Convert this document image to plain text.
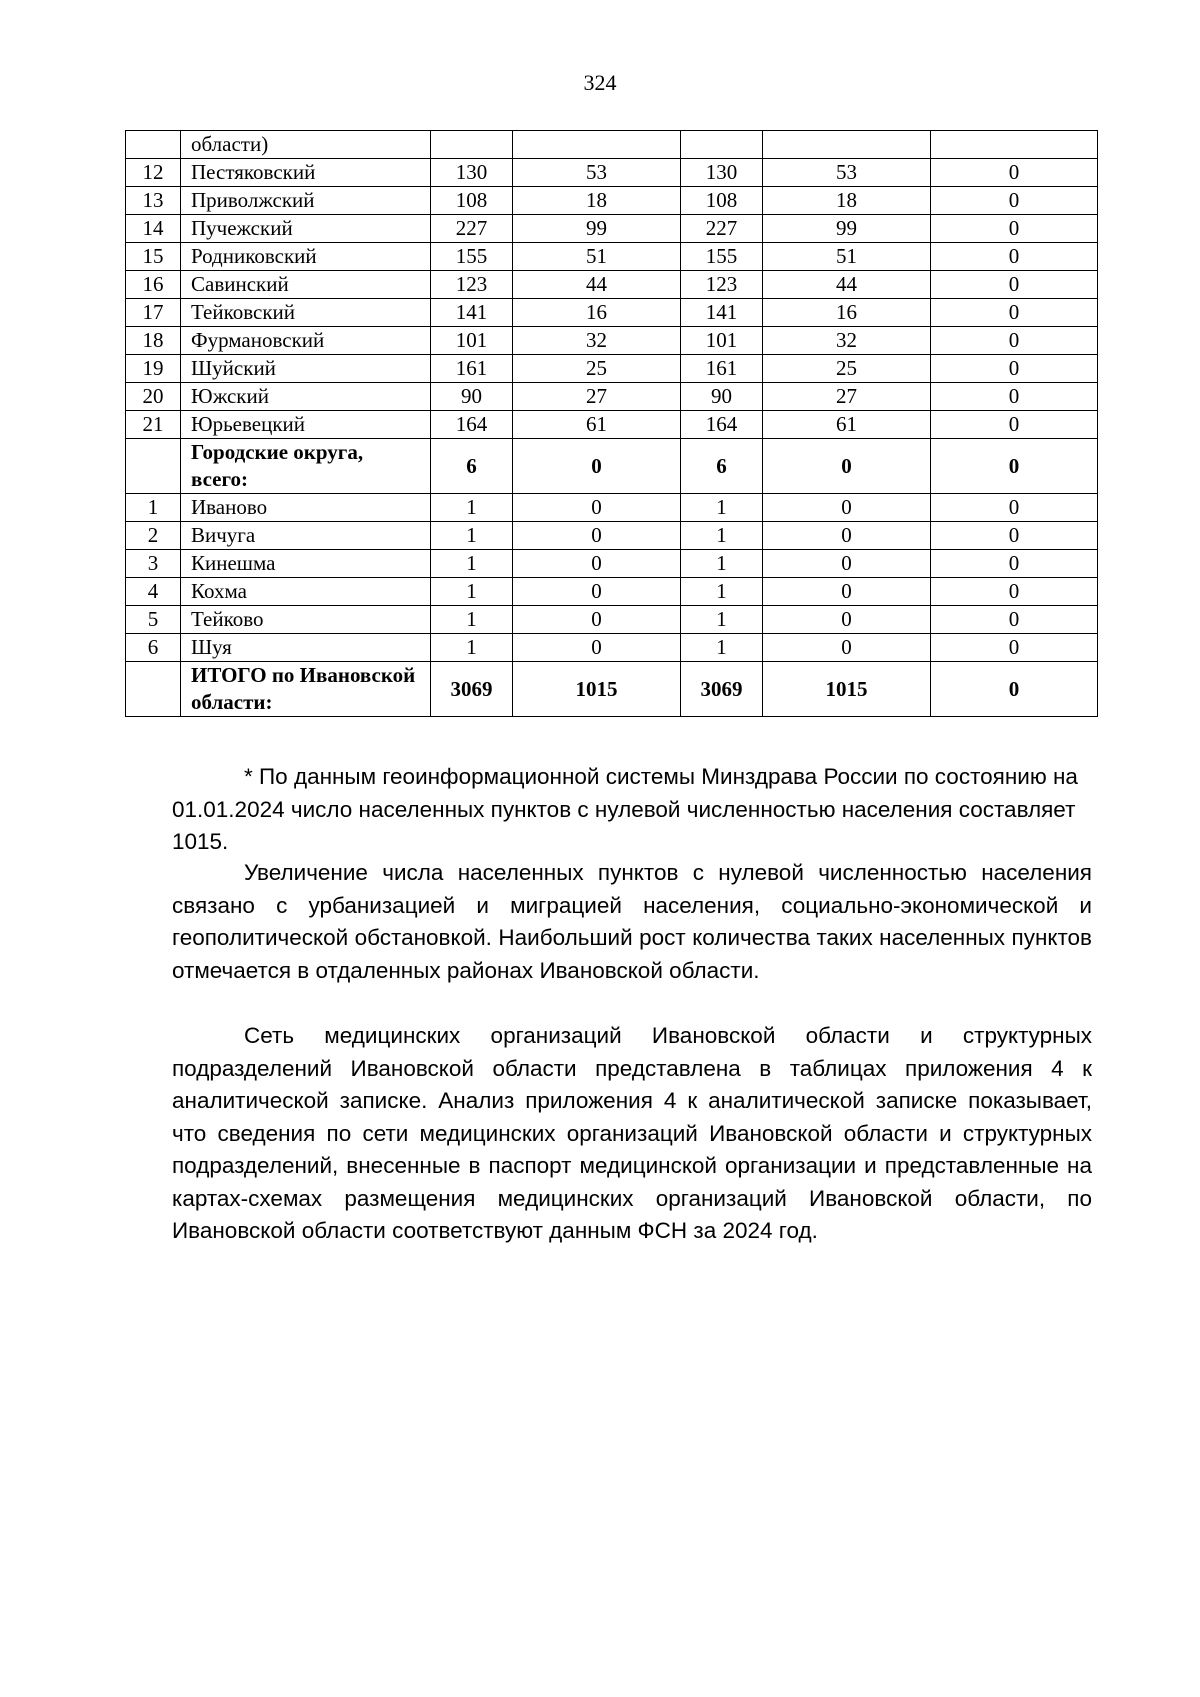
324
	области)					
12	Пестяковский	130	53	130	53	0
13	Приволжский	108	18	108	18	0
14	Пучежский	227	99	227	99	0
15	Родниковский	155	51	155	51	0
16	Савинский	123	44	123	44	0
17	Тейковский	141	16	141	16	0
18	Фурмановский	101	32	101	32	0
19	Шуйский	161	25	161	25	0
20	Южский	90	27	90	27	0
21	Юрьевецкий	164	61	164	61	0
	Городские округа, всего:	6	0	6	0	0
1	Иваново	1	0	1	0	0
2	Вичуга	1	0	1	0	0
3	Кинешма	1	0	1	0	0
4	Кохма	1	0	1	0	0
5	Тейково	1	0	1	0	0
6	Шуя	1	0	1	0	0
	ИТОГО по Ивановской области:	3069	1015	3069	1015	0

* По данным геоинформационной системы Минздрава России по состоянию на 01.01.2024 число населенных пунктов с нулевой численностью населения составляет 1015.

Увеличение числа населенных пунктов с нулевой численностью населения связано с урбанизацией и миграцией населения, социально-экономической и геополитической обстановкой. Наибольший рост количества таких населенных пунктов отмечается в отдаленных районах Ивановской области.

Сеть медицинских организаций Ивановской области и структурных подразделений Ивановской области представлена в таблицах приложения 4 к аналитической записке. Анализ приложения 4 к аналитической записке показывает, что сведения по сети медицинских организаций Ивановской области и структурных подразделений, внесенные в паспорт медицинской организации и представленные на картах-схемах размещения медицинских организаций Ивановской области, по Ивановской области соответствуют данным ФСН за 2024 год.
